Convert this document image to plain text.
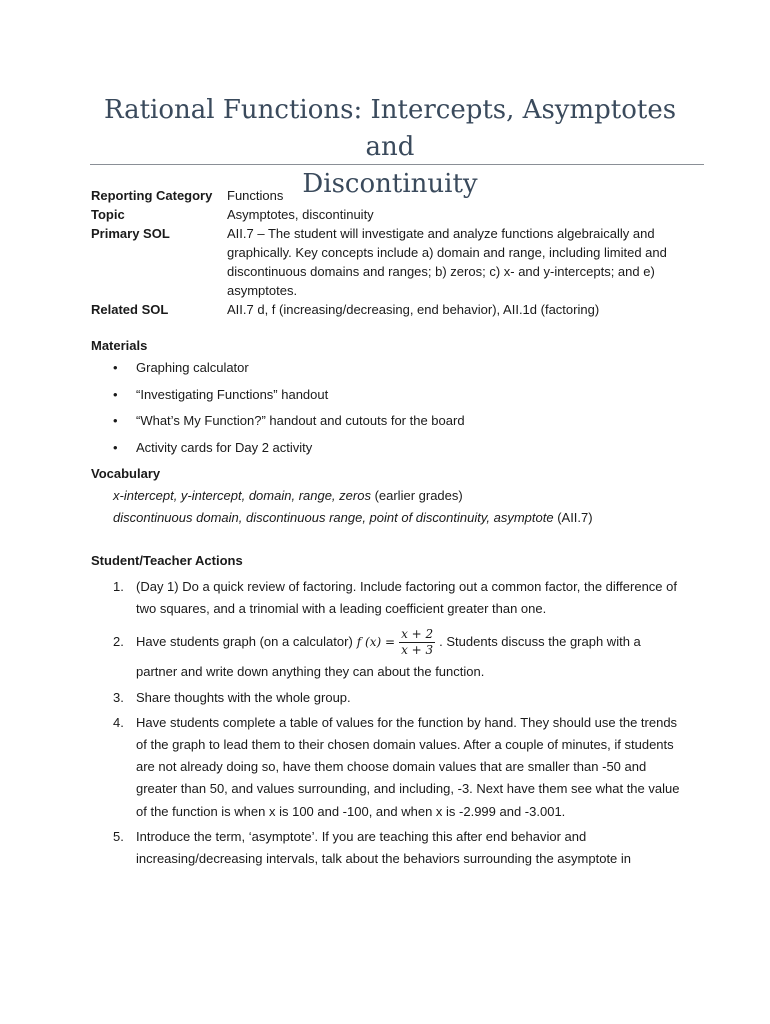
Rational Functions: Intercepts, Asymptotes and
Discontinuity
Reporting Category	Functions
Topic	Asymptotes, discontinuity
Primary SOL	AII.7 – The student will investigate and analyze functions algebraically and graphically. Key concepts include a) domain and range, including limited and discontinuous domains and ranges; b) zeros; c) x- and y-intercepts; and e) asymptotes.
Related SOL	AII.7 d, f (increasing/decreasing, end behavior), AII.1d (factoring)
Materials
• Graphing calculator
• “Investigating Functions” handout
• “What’s My Function?” handout and cutouts for the board
• Activity cards for Day 2 activity
Vocabulary
x-intercept, y-intercept, domain, range, zeros (earlier grades)
discontinuous domain, discontinuous range, point of discontinuity, asymptote (AII.7)
Student/Teacher Actions
1. (Day 1) Do a quick review of factoring. Include factoring out a common factor, the difference of two squares, and a trinomial with a leading coefficient greater than one.
2. Have students graph (on a calculator) f $(x) = \frac{x + 2}{x + 3}$ . Students discuss the graph with a partner and write down anything they can about the function.
3. Share thoughts with the whole group.
4. Have students complete a table of values for the function by hand. They should use the trends of the graph to lead them to their chosen domain values. After a couple of minutes, if students are not already doing so, have them choose domain values that are smaller than -50 and greater than 50, and values surrounding, and including, -3. Next have them see what the value of the function is when x is 100 and -100, and when x is -2.999 and -3.001.
5. Introduce the term, ‘asymptote’. If you are teaching this after end behavior and increasing/decreasing intervals, talk about the behaviors surrounding the asymptote in
